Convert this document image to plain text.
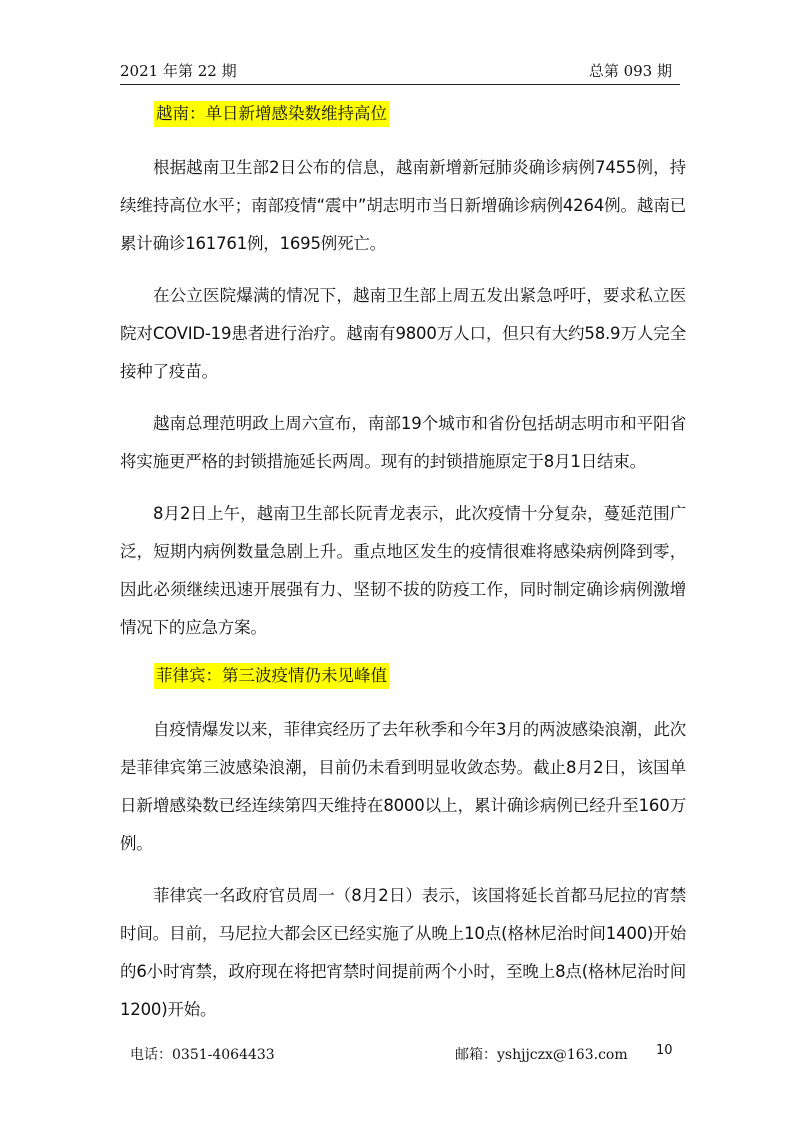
2021 年第 22 期	总第 093 期
越南：单日新增感染数维持高位

根据越南卫生部2日公布的信息，越南新增新冠肺炎确诊病例7455例，持续维持高位水平；南部疫情“震中”胡志明市当日新增确诊病例4264例。越南已累计确诊161761例，1695例死亡。

在公立医院爆满的情况下，越南卫生部上周五发出紧急呼吁，要求私立医院对COVID-19患者进行治疗。越南有9800万人口，但只有大约58.9万人完全接种了疫苗。

越南总理范明政上周六宣布，南部19个城市和省份包括胡志明市和平阳省将实施更严格的封锁措施延长两周。现有的封锁措施原定于8月1日结束。

8月2日上午，越南卫生部长阮青龙表示，此次疫情十分复杂，蔓延范围广泛，短期内病例数量急剧上升。重点地区发生的疫情很难将感染病例降到零，因此必须继续迅速开展强有力、坚韧不拔的防疫工作，同时制定确诊病例激增情况下的应急方案。

菲律宾：第三波疫情仍未见峰值

自疫情爆发以来，菲律宾经历了去年秋季和今年3月的两波感染浪潮，此次是菲律宾第三波感染浪潮，目前仍未看到明显收敛态势。截止8月2日，该国单日新增感染数已经连续第四天维持在8000以上，累计确诊病例已经升至160万例。

菲律宾一名政府官员周一（8月2日）表示，该国将延长首都马尼拉的宵禁时间。目前，马尼拉大都会区已经实施了从晚上10点(格林尼治时间1400)开始的6小时宵禁，政府现在将把宵禁时间提前两个小时，至晚上8点(格林尼治时间1200)开始。

电话：0351-4064433	邮箱：yshjjczx@163.com 10
